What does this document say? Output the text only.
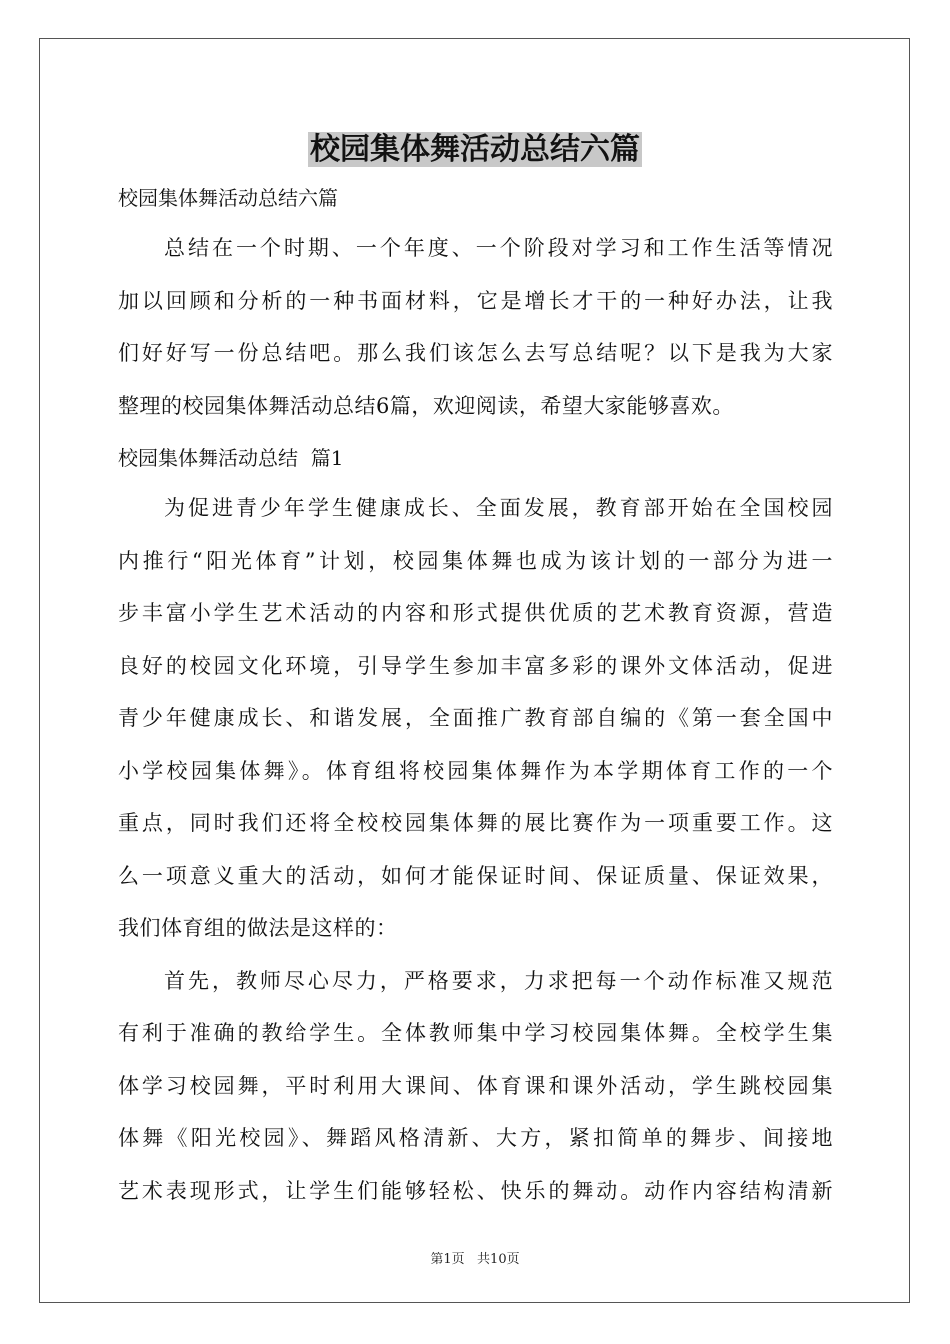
校园集体舞活动总结六篇
校园集体舞活动总结六篇
总结在一个时期、一个年度、一个阶段对学习和工作生活等情况
加以回顾和分析的一种书面材料，它是增长才干的一种好办法，让我
们好好写一份总结吧。那么我们该怎么去写总结呢？以下是我为大家
整理的校园集体舞活动总结6篇，欢迎阅读，希望大家能够喜欢。
校园集体舞活动总结  篇1
为促进青少年学生健康成长、全面发展，教育部开始在全国校园
内推行“阳光体育”计划，校园集体舞也成为该计划的一部分为进一
步丰富小学生艺术活动的内容和形式提供优质的艺术教育资源，营造
良好的校园文化环境，引导学生参加丰富多彩的课外文体活动，促进
青少年健康成长、和谐发展，全面推广教育部自编的《第一套全国中
小学校园集体舞》。体育组将校园集体舞作为本学期体育工作的一个
重点，同时我们还将全校校园集体舞的展比赛作为一项重要工作。这
么一项意义重大的活动，如何才能保证时间、保证质量、保证效果，
我们体育组的做法是这样的：
首先，教师尽心尽力，严格要求，力求把每一个动作标准又规范
有利于准确的教给学生。全体教师集中学习校园集体舞。全校学生集
体学习校园舞，平时利用大课间、体育课和课外活动，学生跳校园集
体舞《阳光校园》、舞蹈风格清新、大方，紧扣简单的舞步、间接地
艺术表现形式，让学生们能够轻松、快乐的舞动。动作内容结构清新
第1页   共10页
